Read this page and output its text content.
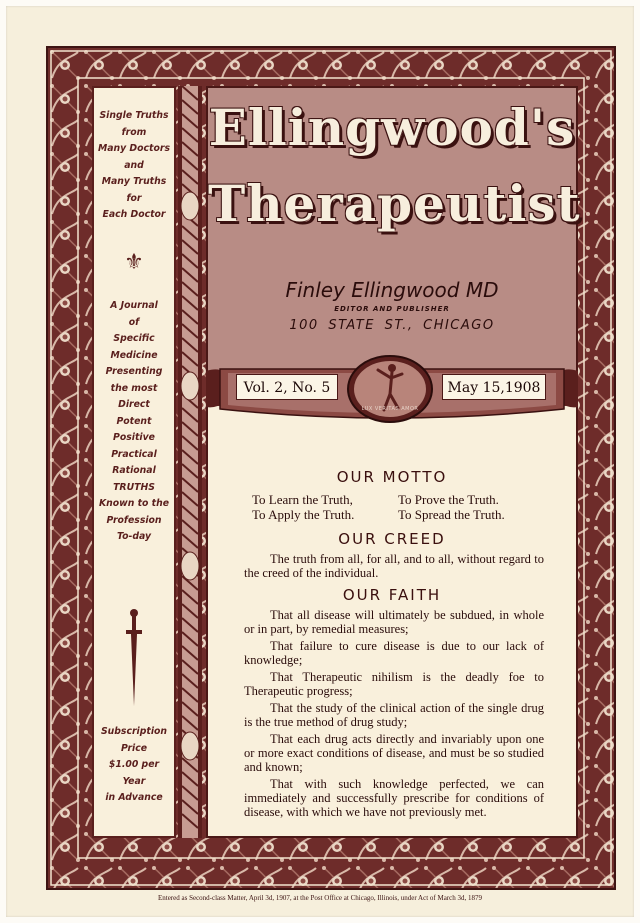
Single Truths
from
Many Doctors
and
Many Truths
for
Each Doctor
⚜
A Journal
of
Specific
Medicine
Presenting
the most
Direct
Potent
Positive
Practical
Rational
TRUTHS
Known to the
Profession
To-day
Subscription
Price
$1.00 per
Year
in Advance
Ellingwood's
Therapeutist
Finley Ellingwood MD
EDITOR AND PUBLISHER
100 STATE ST., CHICAGO
OUR MOTTO
To Learn the Truth,	To Prove the Truth.
To Apply the Truth.	To Spread the Truth.
OUR CREED
The truth from all, for all, and to all, without regard to the creed of the individual.
OUR FAITH
That all disease will ultimately be subdued, in whole or in part, by remedial measures;
That failure to cure disease is due to our lack of knowledge;
That Therapeutic nihilism is the deadly foe to Therapeutic progress;
That the study of the clinical action of the single drug is the true method of drug study;
That each drug acts directly and invariably upon one or more exact conditions of disease, and must be so studied and known;
That with such knowledge perfected, we can immediately and successfully prescribe for conditions of disease, with which we have not previously met.
Vol. 2, No. 5	May 15,1908
LUX VERITAS AMOR
Entered as Second-class Matter, April 3d, 1907, at the Post Office at Chicago, Illinois, under Act of March 3d, 1879
